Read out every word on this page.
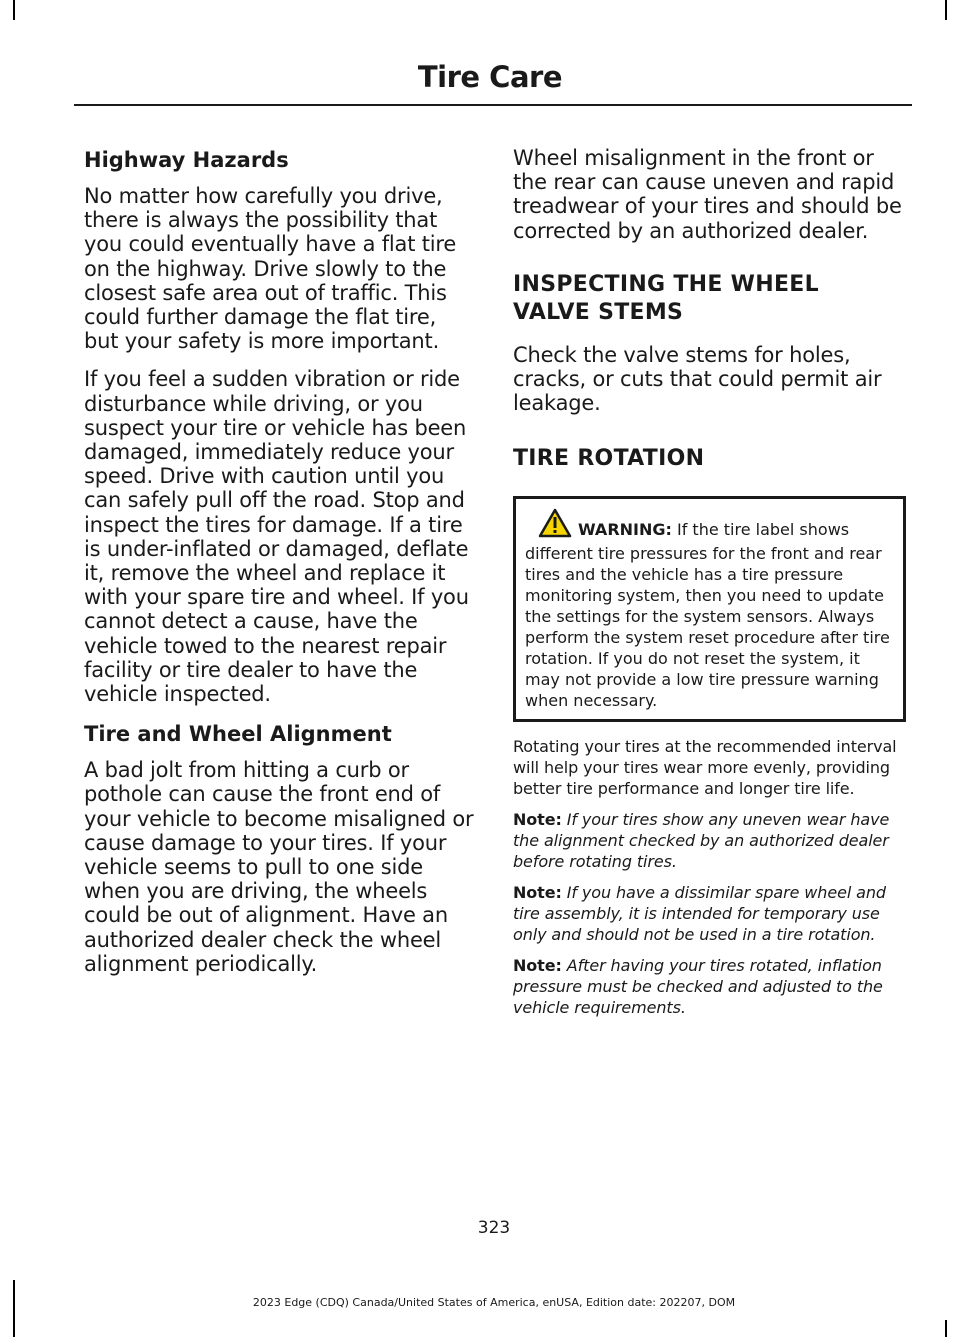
Tire Care
Highway Hazards

No matter how carefully you drive, there is always the possibility that you could eventually have a flat tire on the highway. Drive slowly to the closest safe area out of traffic. This could further damage the flat tire, but your safety is more important.

If you feel a sudden vibration or ride disturbance while driving, or you suspect your tire or vehicle has been damaged, immediately reduce your speed. Drive with caution until you can safely pull off the road. Stop and inspect the tires for damage. If a tire is under-inflated or damaged, deflate it, remove the wheel and replace it with your spare tire and wheel. If you cannot detect a cause, have the vehicle towed to the nearest repair facility or tire dealer to have the vehicle inspected.

Tire and Wheel Alignment

A bad jolt from hitting a curb or pothole can cause the front end of your vehicle to become misaligned or cause damage to your tires. If your vehicle seems to pull to one side when you are driving, the wheels could be out of alignment. Have an authorized dealer check the wheel alignment periodically.

Wheel misalignment in the front or the rear can cause uneven and rapid treadwear of your tires and should be corrected by an authorized dealer.

INSPECTING THE WHEEL
VALVE STEMS

Check the valve stems for holes, cracks, or cuts that could permit air leakage.

TIRE ROTATION
WARNING: If the tire label shows different tire pressures for the front and rear tires and the vehicle has a tire pressure monitoring system, then you need to update the settings for the system sensors. Always perform the system reset procedure after tire rotation. If you do not reset the system, it may not provide a low tire pressure warning when necessary.

Rotating your tires at the recommended interval will help your tires wear more evenly, providing better tire performance and longer tire life.

Note: If your tires show any uneven wear have the alignment checked by an authorized dealer before rotating tires.

Note: If you have a dissimilar spare wheel and tire assembly, it is intended for temporary use only and should not be used in a tire rotation.

Note: After having your tires rotated, inflation pressure must be checked and adjusted to the vehicle requirements.

323
2023 Edge (CDQ) Canada/United States of America, enUSA, Edition date: 202207, DOM
